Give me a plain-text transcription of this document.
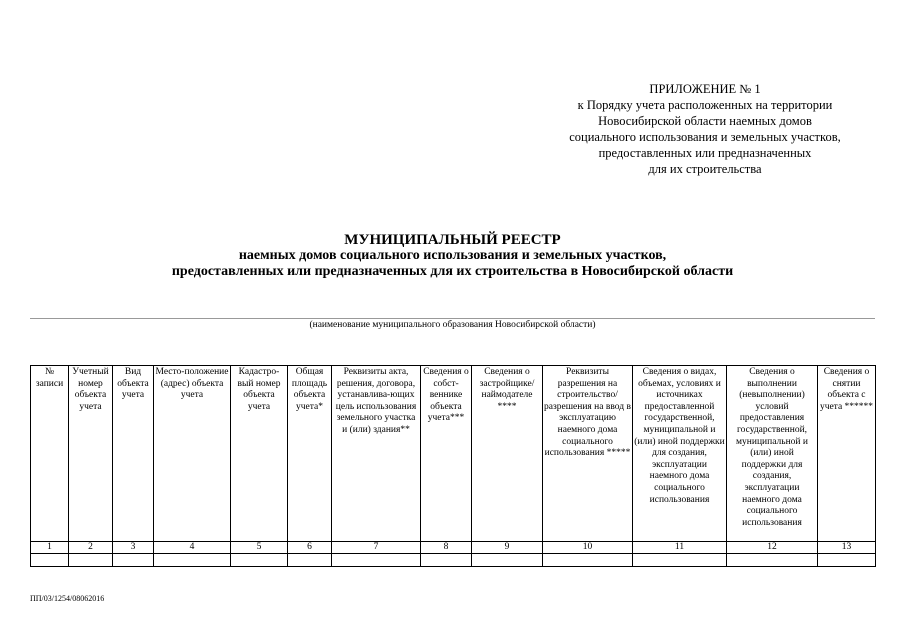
ПРИЛОЖЕНИЕ № 1
к Порядку учета расположенных на территории
Новосибирской области наемных домов
социального использования и земельных участков,
предоставленных или предназначенных
для их строительства
МУНИЦИПАЛЬНЫЙ РЕЕСТР
наемных домов социального использования и земельных участков,
предоставленных или предназначенных для их строительства в Новосибирской области
(наименование муниципального образования Новосибирской области)
№ записи	Учетный номер объекта учета	Вид объекта учета	Место-положение (адрес) объекта учета	Кадастро-вый номер объекта учета	Общая площадь объекта учета*	Реквизиты акта, решения, договора, устанавлива-ющих цель использования земельного участка и (или) здания**	Сведения о собст-веннике объекта учета***	Сведения о застройщике/ наймодателе ****	Реквизиты разрешения на строительство/ разрешения на ввод в эксплуатацию наемного дома социального использования *****	Сведения о видах, объемах, условиях и источниках предоставленной государственной, муниципальной и (или) иной поддержки для создания, эксплуатации наемного дома социального использования	Сведения о выполнении (невыполнении) условий предоставления государственной, муниципальной и (или) иной поддержки для создания, эксплуатации наемного дома социального использования	Сведения о снятии объекта с учета ******
1	2	3	4	5	6	7	8	9	10	11	12	13

ПП/03/1254/08062016
